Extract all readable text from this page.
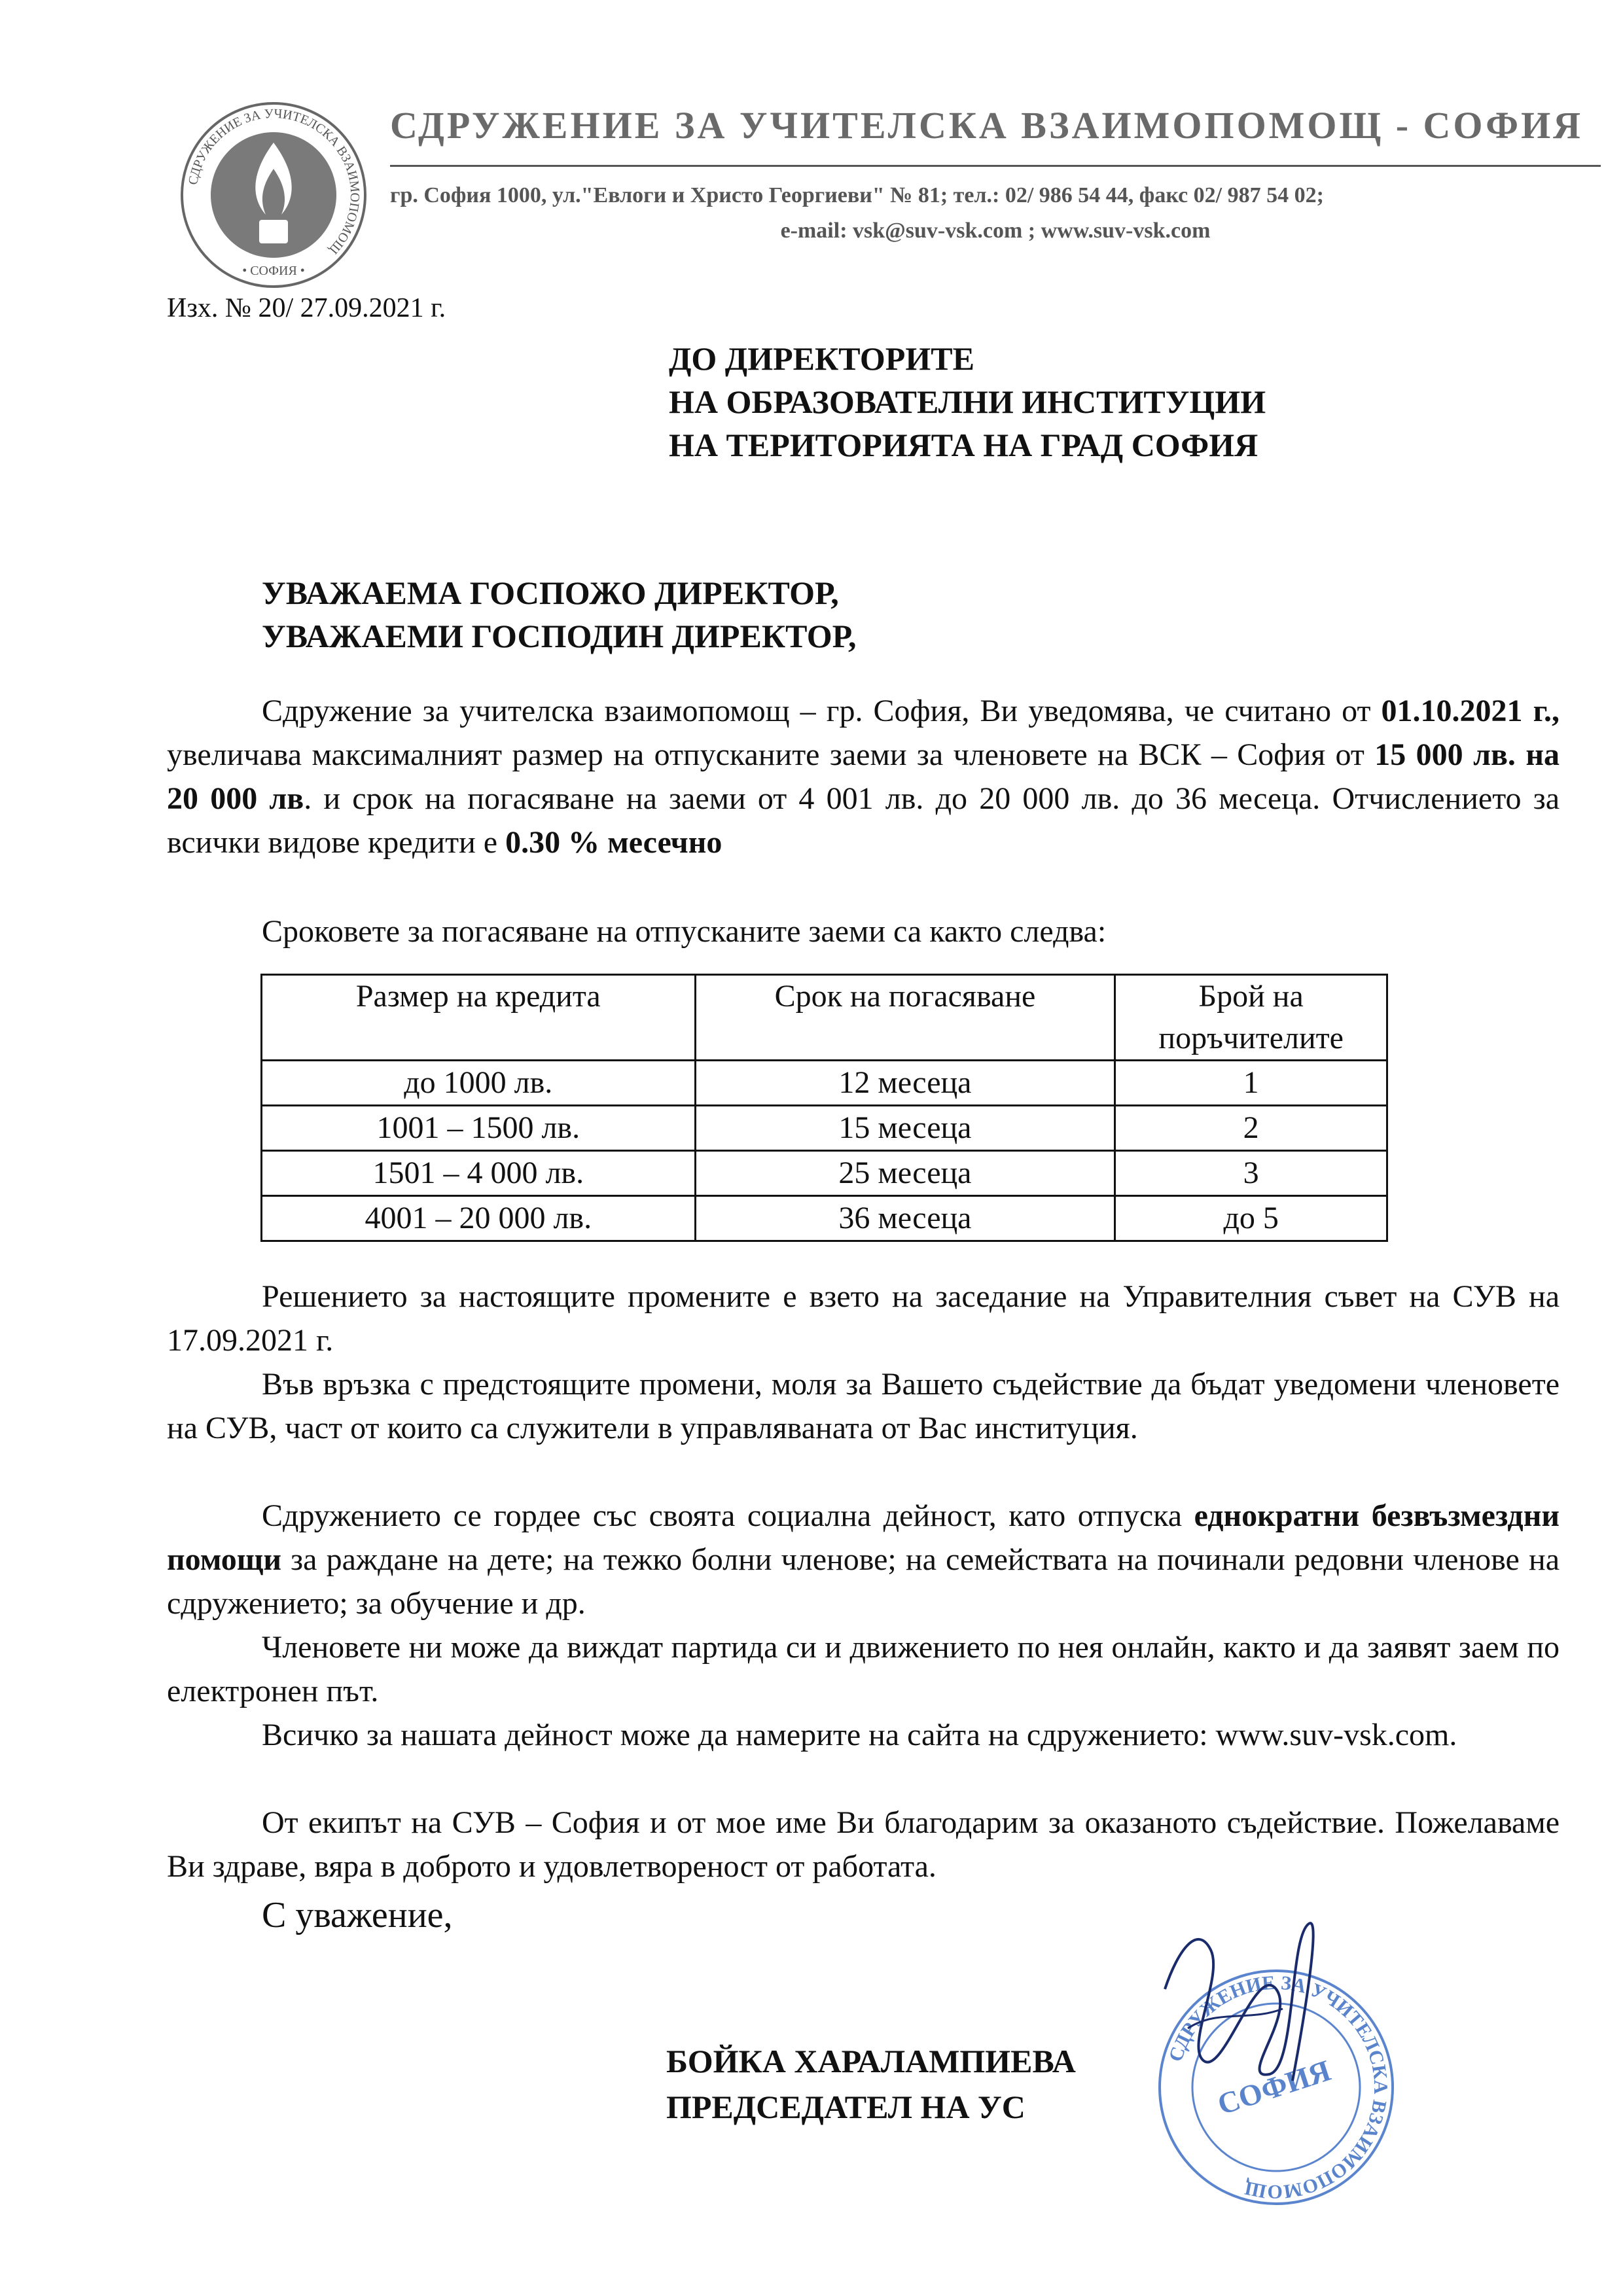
СДРУЖЕНИЕ ЗА УЧИТЕЛСКА ВЗАИМОПОМОЩ
• СОФИЯ •
СДРУЖЕНИЕ ЗА УЧИТЕЛСКА ВЗАИМОПОМОЩ - СОФИЯ
гр. София 1000, ул."Евлоги и Христо Георгиеви" № 81; тел.: 02/ 986 54 44, факс 02/ 987 54 02;
e-mail: vsk@suv-vsk.com ; www.suv-vsk.com
Изх. № 20/ 27.09.2021 г.
ДО ДИРЕКТОРИТЕ
НА ОБРАЗОВАТЕЛНИ ИНСТИТУЦИИ
НА ТЕРИТОРИЯТА НА ГРАД СОФИЯ
УВАЖАЕМА ГОСПОЖО ДИРЕКТОР,
УВАЖАЕМИ ГОСПОДИН ДИРЕКТОР,
Сдружение за учителска взаимопомощ – гр. София, Ви уведомява, че считано от 01.10.2021 г., увеличава максималният размер на отпусканите заеми за членовете на ВСК – София от 15 000 лв. на 20 000 лв. и срок на погасяване на заеми от 4 001 лв. до 20 000 лв. до 36 месеца. Отчислението за всички видове кредити е 0.30 % месечно
Сроковете за погасяване на отпусканите заеми са както следва:
Размер на кредита	Срок на погасяване	Брой на поръчителите
до 1000 лв.	12 месеца	1
1001 – 1500 лв.	15 месеца	2
1501 – 4 000 лв.	25 месеца	3
4001 – 20 000 лв.	36 месеца	до 5
Решението за настоящите промените е взето на заседание на Управителния съвет на СУВ на 17.09.2021 г.
Във връзка с предстоящите промени, моля за Вашето съдействие да бъдат уведомени членовете на СУВ, част от които са служители в управляваната от Вас институция.
Сдружението се гордее със своята социална дейност, като отпуска еднократни безвъзмездни помощи за раждане на дете; на тежко болни членове; на семействата на починали редовни членове на сдружението; за обучение и др.
Членовете ни може да виждат партида си и движението по нея онлайн, както и да заявят заем по електронен път.
Всичко за нашата дейност може да намерите на сайта на сдружението: www.suv-vsk.com.
От екипът на СУВ – София и от мое име Ви благодарим за оказаното съдействие. Пожелаваме Ви здраве, вяра в доброто и удовлетвореност от работата.
С уважение,
БОЙКА ХАРАЛАМПИЕВА
ПРЕДСЕДАТЕЛ НА УС
СДРУЖЕНИЕ ЗА УЧИТЕЛСКА ВЗАИМОПОМОЩ
СОФИЯ
